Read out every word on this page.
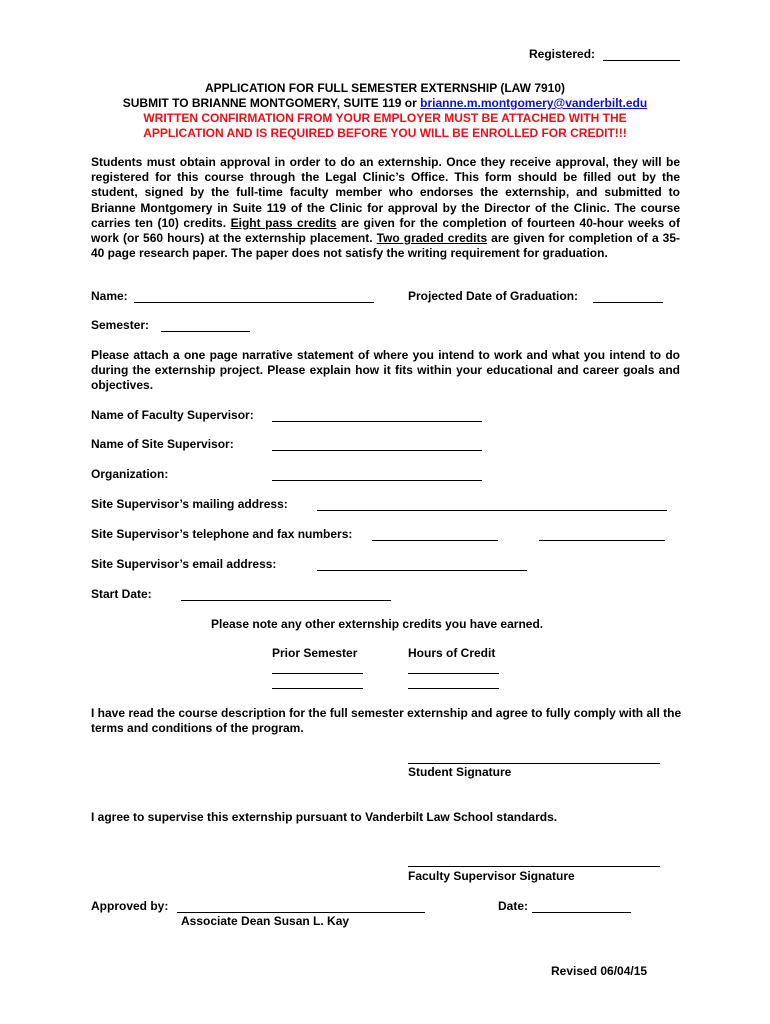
Registered:
APPLICATION FOR FULL SEMESTER EXTERNSHIP (LAW 7910)
SUBMIT TO BRIANNE MONTGOMERY, SUITE 119 or brianne.m.montgomery@vanderbilt.edu
WRITTEN CONFIRMATION FROM YOUR EMPLOYER MUST BE ATTACHED WITH THE
APPLICATION AND IS REQUIRED BEFORE YOU WILL BE ENROLLED FOR CREDIT!!!
Students must obtain approval in order to do an externship. Once they receive approval, they will be registered for this course through the Legal Clinic’s Office. This form should be filled out by the student, signed by the full-time faculty member who endorses the externship, and submitted to Brianne Montgomery in Suite 119 of the Clinic for approval by the Director of the Clinic. The course carries ten (10) credits. Eight pass credits are given for the completion of fourteen 40-hour weeks of work (or 560 hours) at the externship placement. Two graded credits are given for completion of a 35-40 page research paper. The paper does not satisfy the writing requirement for graduation.
Name:	Projected Date of Graduation:
Semester:
Please attach a one page narrative statement of where you intend to work and what you intend to do during the externship project. Please explain how it fits within your educational and career goals and objectives.
Name of Faculty Supervisor:
Name of Site Supervisor:
Organization:
Site Supervisor’s mailing address:
Site Supervisor’s telephone and fax numbers:
Site Supervisor’s email address:
Start Date:
Please note any other externship credits you have earned.
Prior Semester	Hours of Credit
I have read the course description for the full semester externship and agree to fully comply with all the terms and conditions of the program.
Student Signature
I agree to supervise this externship pursuant to Vanderbilt Law School standards.
Faculty Supervisor Signature
Approved by:
Associate Dean Susan L. Kay
Date:
Revised 06/04/15
